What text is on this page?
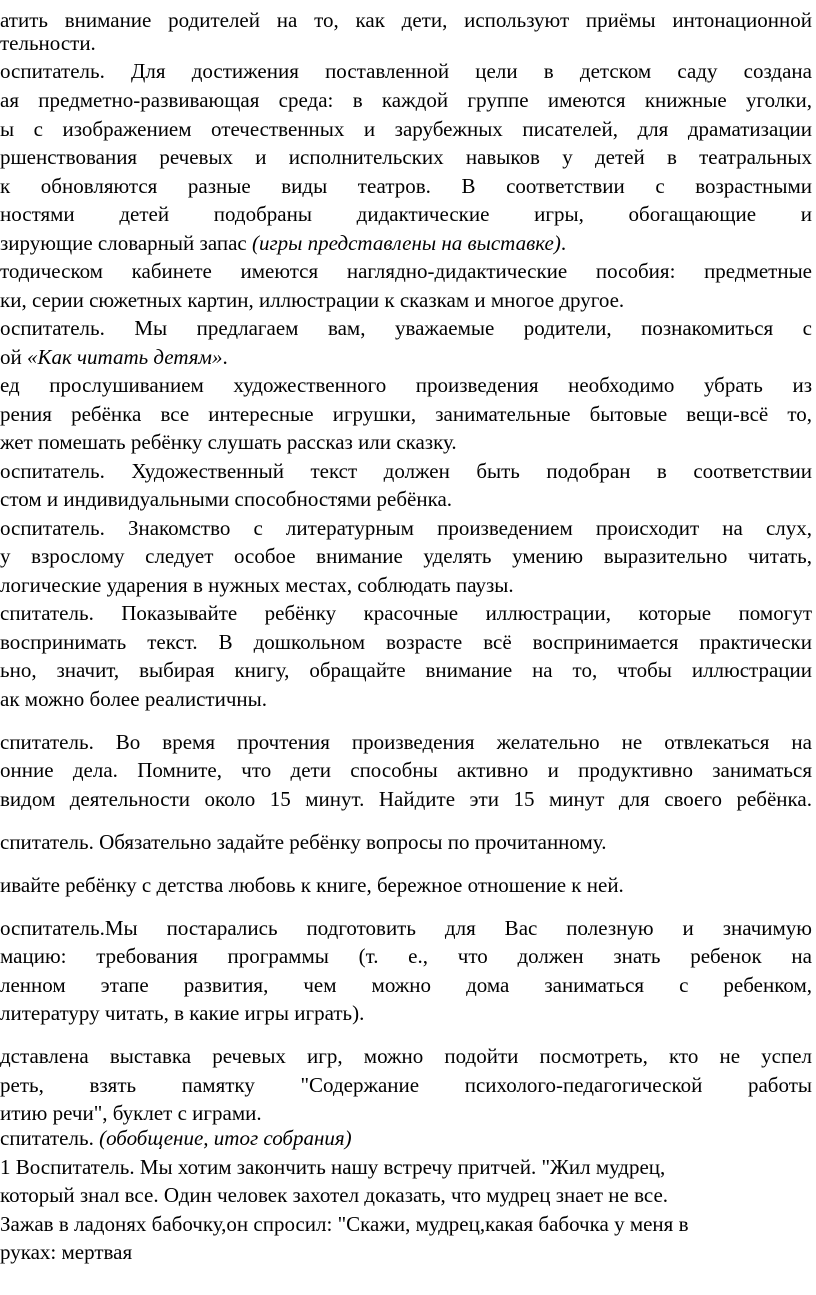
атить внимание родителей на то, как дети, используют приёмы интонационной
тельности.
оспитатель. Для достижения поставленной цели в детском саду создана
ая предметно-развивающая среда: в каждой группе имеются книжные уголки,
ы с изображением отечественных и зарубежных писателей, для драматизации
ршенствования речевых и исполнительских навыков у детей в театральных
к обновляются разные виды театров. В соответствии с возрастными
ностями детей подобраны дидактические игры, обогащающие и
зирующие словарный запас (игры представлены на выставке).
тодическом кабинете имеются наглядно-дидактические пособия: предметные
ки, серии сюжетных картин, иллюстрации к сказкам и многое другое.
оспитатель. Мы предлагаем вам, уважаемые родители, познакомиться с
ой «Как читать детям».
ед прослушиванием художественного произведения необходимо убрать из
рения ребёнка все интересные игрушки, занимательные бытовые вещи-всё то,
жет помешать ребёнку слушать рассказ или сказку.
оспитатель. Художественный текст должен быть подобран в соответствии
стом и индивидуальными способностями ребёнка.
оспитатель. Знакомство с литературным произведением происходит на слух,
у взрослому следует особое внимание уделять умению выразительно читать,
логические ударения в нужных местах, соблюдать паузы.
спитатель. Показывайте ребёнку красочные иллюстрации, которые помогут
воспринимать текст. В дошкольном возрасте всё воспринимается практически
ьно, значит, выбирая книгу, обращайте внимание на то, чтобы иллюстрации
ак можно более реалистичны.
спитатель. Во время прочтения произведения желательно не отвлекаться на
онние дела. Помните, что дети способны активно и продуктивно заниматься
видом деятельности около 15 минут. Найдите эти 15 минут для своего ребёнка.
спитатель. Обязательно задайте ребёнку вопросы по прочитанному.
ивайте ребёнку с детства любовь к книге, бережное отношение к ней.
оспитатель.Мы постарались подготовить для Вас полезную и значимую
мацию: требования программы (т. е., что должен знать ребенок на
ленном этапе развития, чем можно дома заниматься с ребенком,
литературу читать, в какие игры играть).
дставлена выставка речевых игр, можно подойти посмотреть, кто не успел
реть, взять памятку "Содержание психолого-педагогической работы
итию речи", буклет с играми.
спитатель. (обобщение, итог собрания)
1 Воспитатель. Мы хотим закончить нашу встречу притчей. "Жил мудрец,
который знал все. Один человек захотел доказать, что мудрец знает не все.
Зажав в ладонях бабочку,он спросил: "Скажи, мудрец,какая бабочка у меня в
руках: мертвая
